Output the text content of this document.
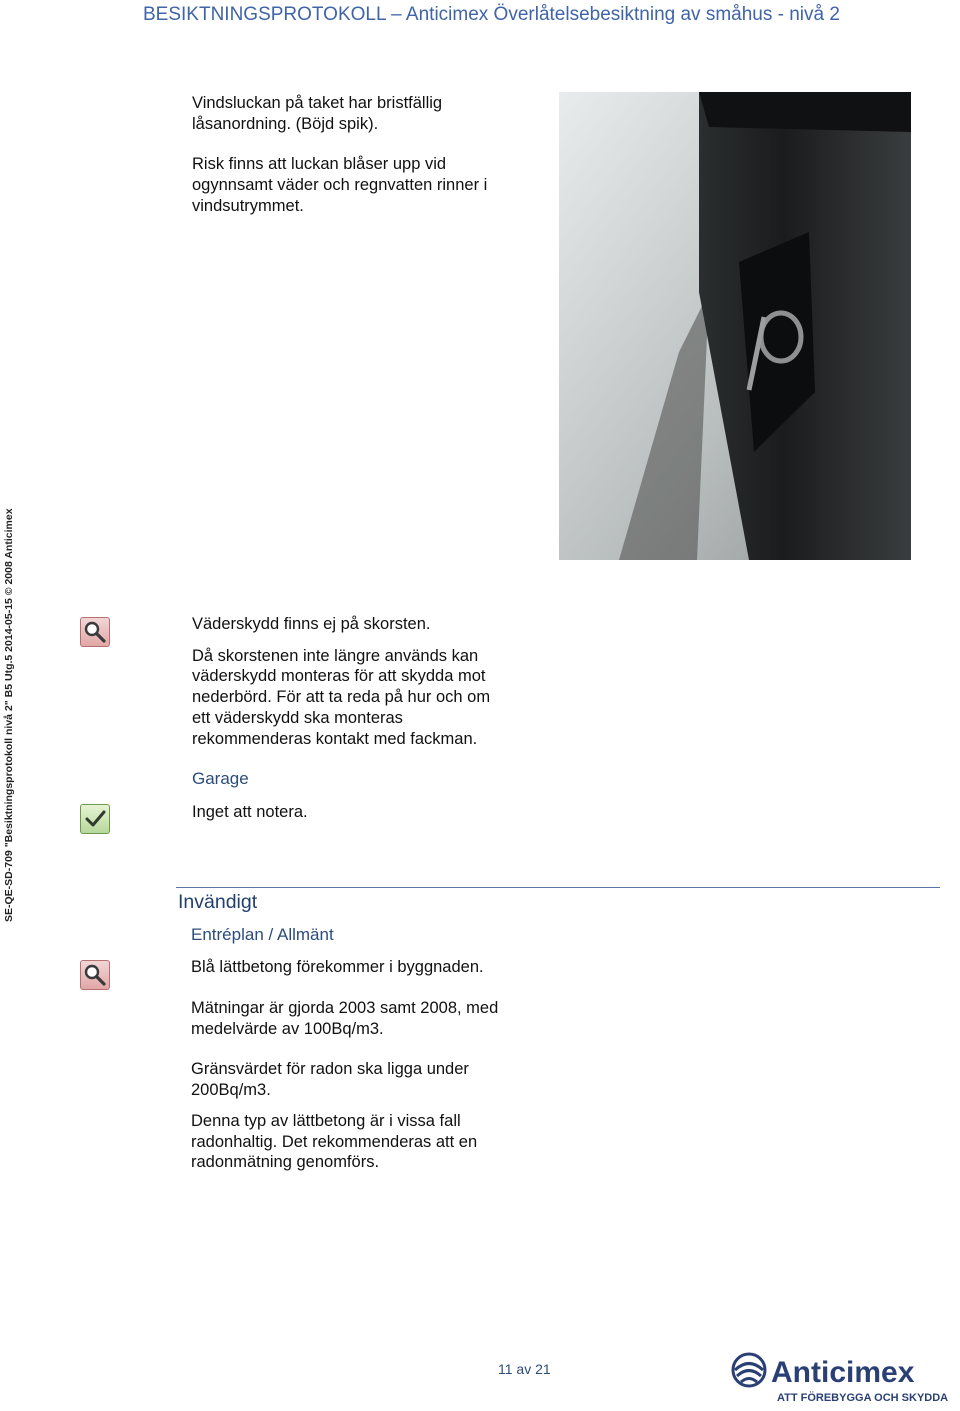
BESIKTNINGSPROTOKOLL – Anticimex Överlåtelsebesiktning av småhus - nivå 2
SE-QE-SD-709 "Besiktningsprotokoll nivå 2" B5 Utg.5 2014-05-15 © 2008 Anticimex
Vindsluckan på taket har bristfällig
låsanordning. (Böjd spik).
Risk finns att luckan blåser upp vid
ogynnsamt väder och regnvatten rinner i
vindsutrymmet.
Väderskydd finns ej på skorsten.
Då skorstenen inte längre används kan
väderskydd monteras för att skydda mot
nederbörd. För att ta reda på hur och om
ett väderskydd ska monteras
rekommenderas kontakt med fackman.
Garage
Inget att notera.
Invändigt
Entréplan / Allmänt
Blå lättbetong förekommer i byggnaden.
Mätningar är gjorda 2003 samt 2008, med
medelvärde av 100Bq/m3.
Gränsvärdet för radon ska ligga under
200Bq/m3.
Denna typ av lättbetong är i vissa fall
radonhaltig. Det rekommenderas att en
radonmätning genomförs.
11 av 21	Anticimex
ATT FÖREBYGGA OCH SKYDDA
